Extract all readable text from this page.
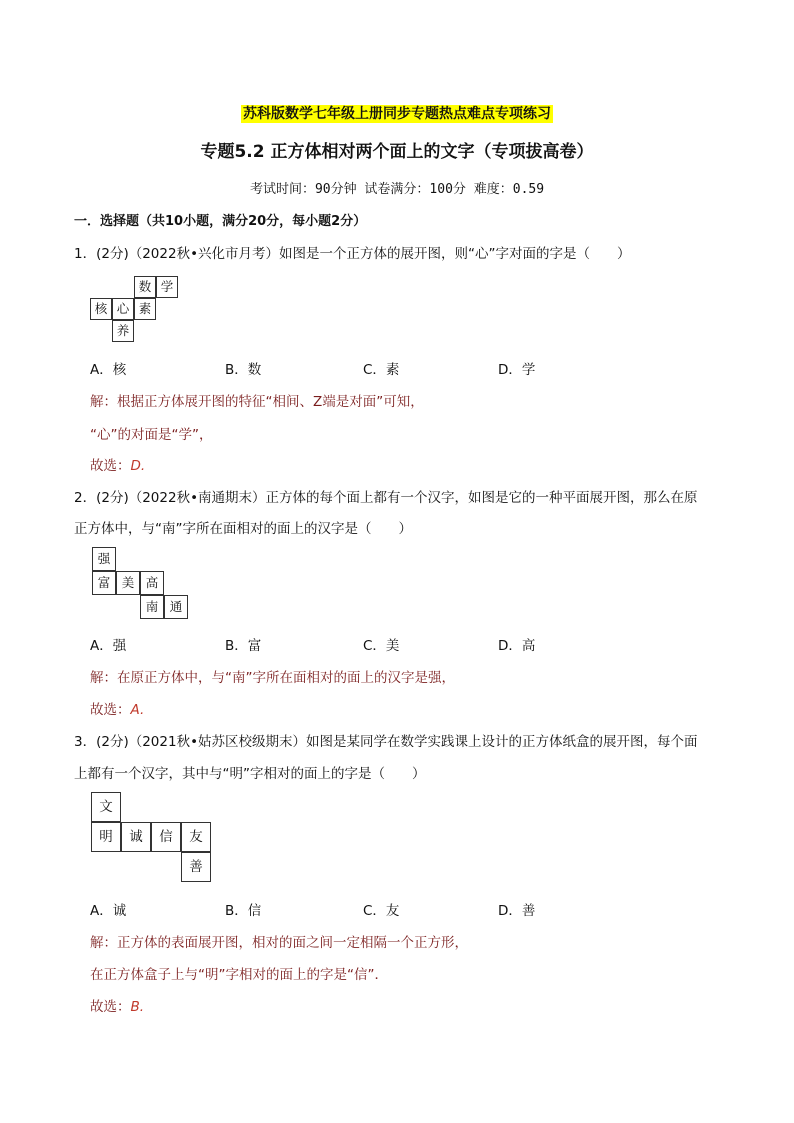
苏科版数学七年级上册同步专题热点难点专项练习
专题5.2 正方体相对两个面上的文字（专项拔高卷）
考试时间：90分钟 试卷满分：100分 难度：0.59
一．选择题（共10小题，满分20分，每小题2分）
1．(2分)（2022秋•兴化市月考）如图是一个正方体的展开图，则“心”字对面的字是（　　）
数 学
核 心 素
养
A．核	B．数	C．素	D．学
解：根据正方体展开图的特征“相间、Z端是对面”可知，
“心”的对面是“学”，
故选：D.
2．(2分)（2022秋•南通期末）正方体的每个面上都有一个汉字，如图是它的一种平面展开图，那么在原
正方体中，与“南”字所在面相对的面上的汉字是（　　）
强
富 美 高
南 通
A．强	B．富	C．美	D．高
解：在原正方体中，与“南”字所在面相对的面上的汉字是强，
故选：A.
3．(2分)（2021秋•姑苏区校级期末）如图是某同学在数学实践课上设计的正方体纸盒的展开图，每个面
上都有一个汉字，其中与“明”字相对的面上的字是（　　）
文
明	诚	信	友
善
A．诚	B．信	C．友	D．善
解：正方体的表面展开图，相对的面之间一定相隔一个正方形，
在正方体盒子上与“明”字相对的面上的字是“信”．
故选：B.
